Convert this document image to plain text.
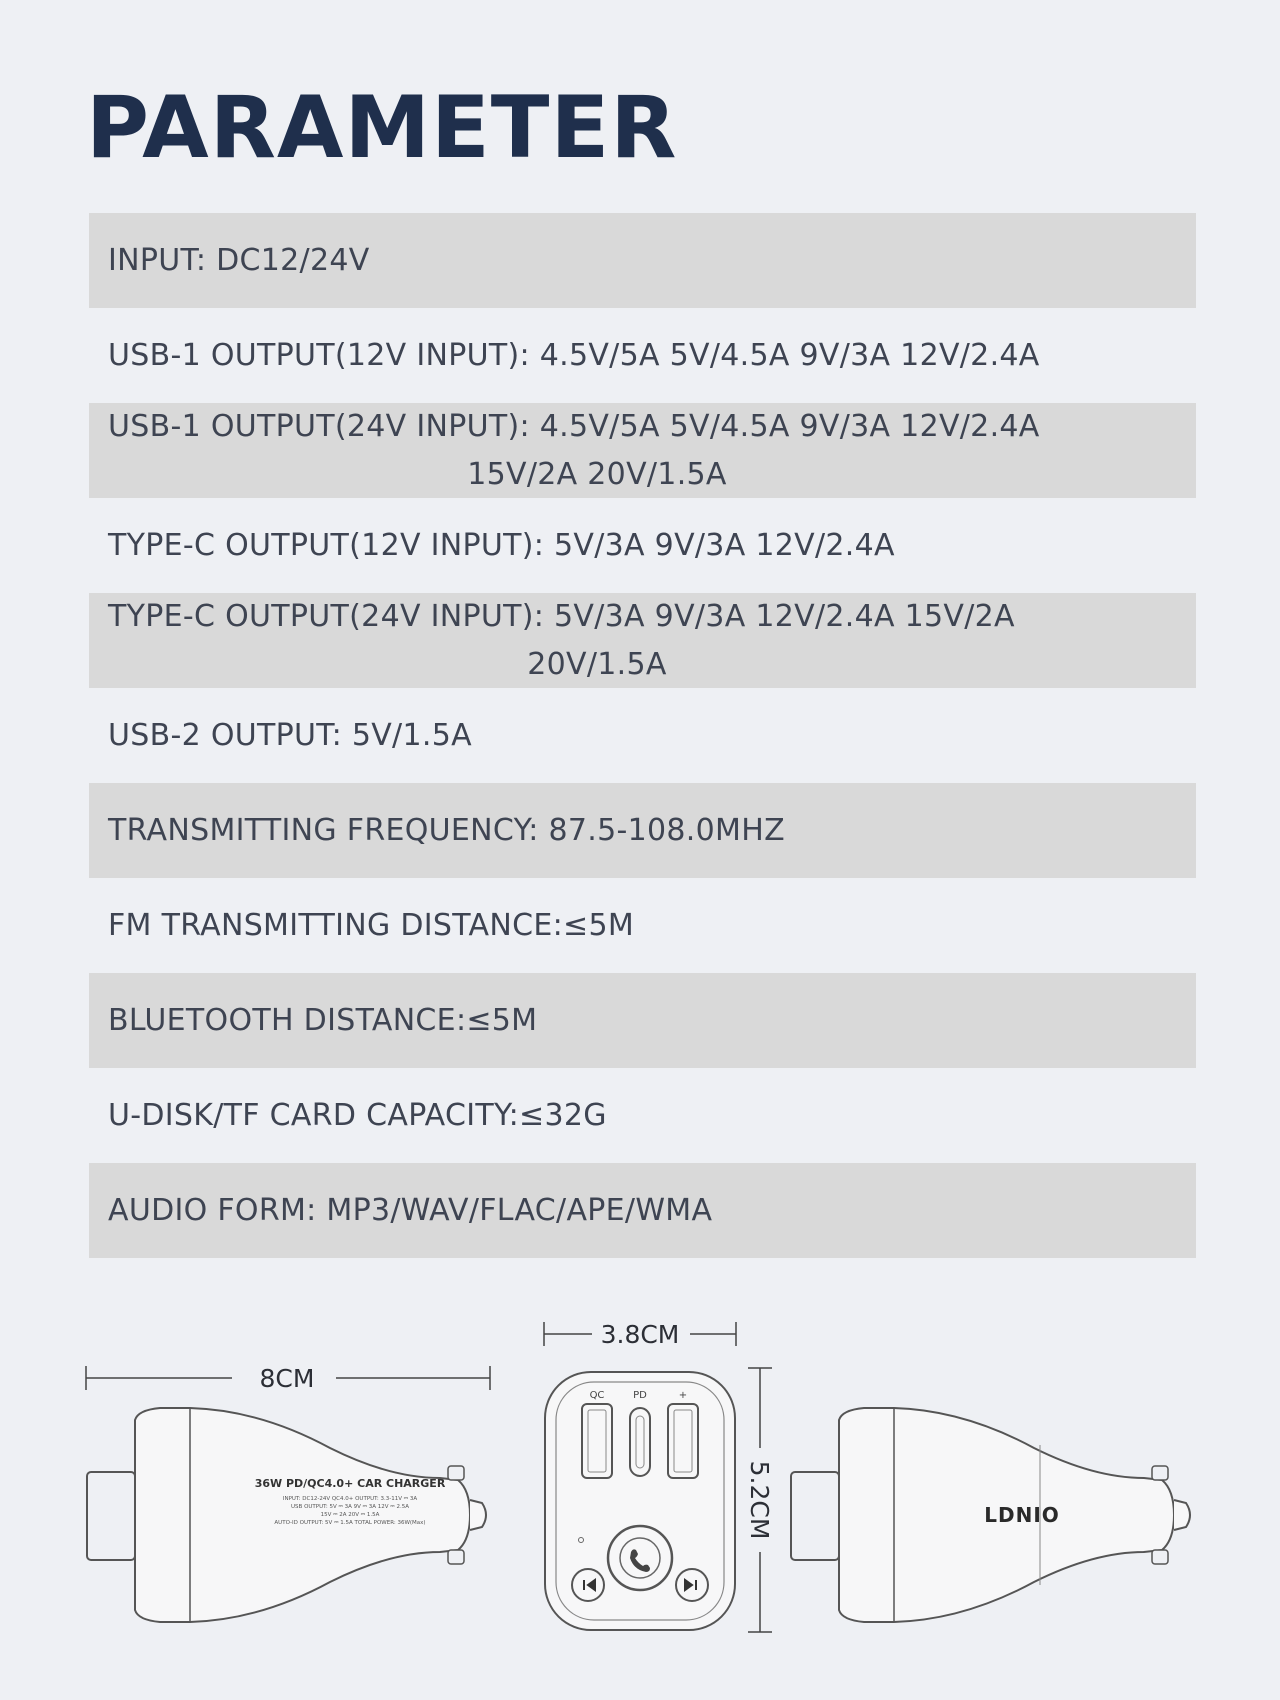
PARAMETER
INPUT: DC12/24V
USB-1 OUTPUT(12V INPUT): 4.5V/5A 5V/4.5A 9V/3A 12V/2.4A
USB-1 OUTPUT(24V INPUT): 4.5V/5A 5V/4.5A 9V/3A 12V/2.4A
15V/2A 20V/1.5A
TYPE-C OUTPUT(12V INPUT): 5V/3A 9V/3A 12V/2.4A
TYPE-C OUTPUT(24V INPUT): 5V/3A 9V/3A 12V/2.4A 15V/2A
20V/1.5A
USB-2 OUTPUT: 5V/1.5A
TRANSMITTING FREQUENCY: 87.5-108.0MHZ
FM TRANSMITTING DISTANCE:≤5M
BLUETOOTH DISTANCE:≤5M
U-DISK/TF CARD CAPACITY:≤32G
AUDIO FORM: MP3/WAV/FLAC/APE/WMA
8CM
36W PD/QC4.0+ CAR CHARGER
INPUT: DC12-24V QC4.0+ OUTPUT: 3.3-11V ⎓ 3A
USB OUTPUT: 5V ⎓ 3A 9V ⎓ 3A 12V ⎓ 2.5A
15V ⎓ 2A 20V ⎓ 1.5A
AUTO-ID OUTPUT: 5V ⎓ 1.5A TOTAL POWER: 36W(Max)
3.8CM
5.2CM
QC	PD	+
LDNIO
